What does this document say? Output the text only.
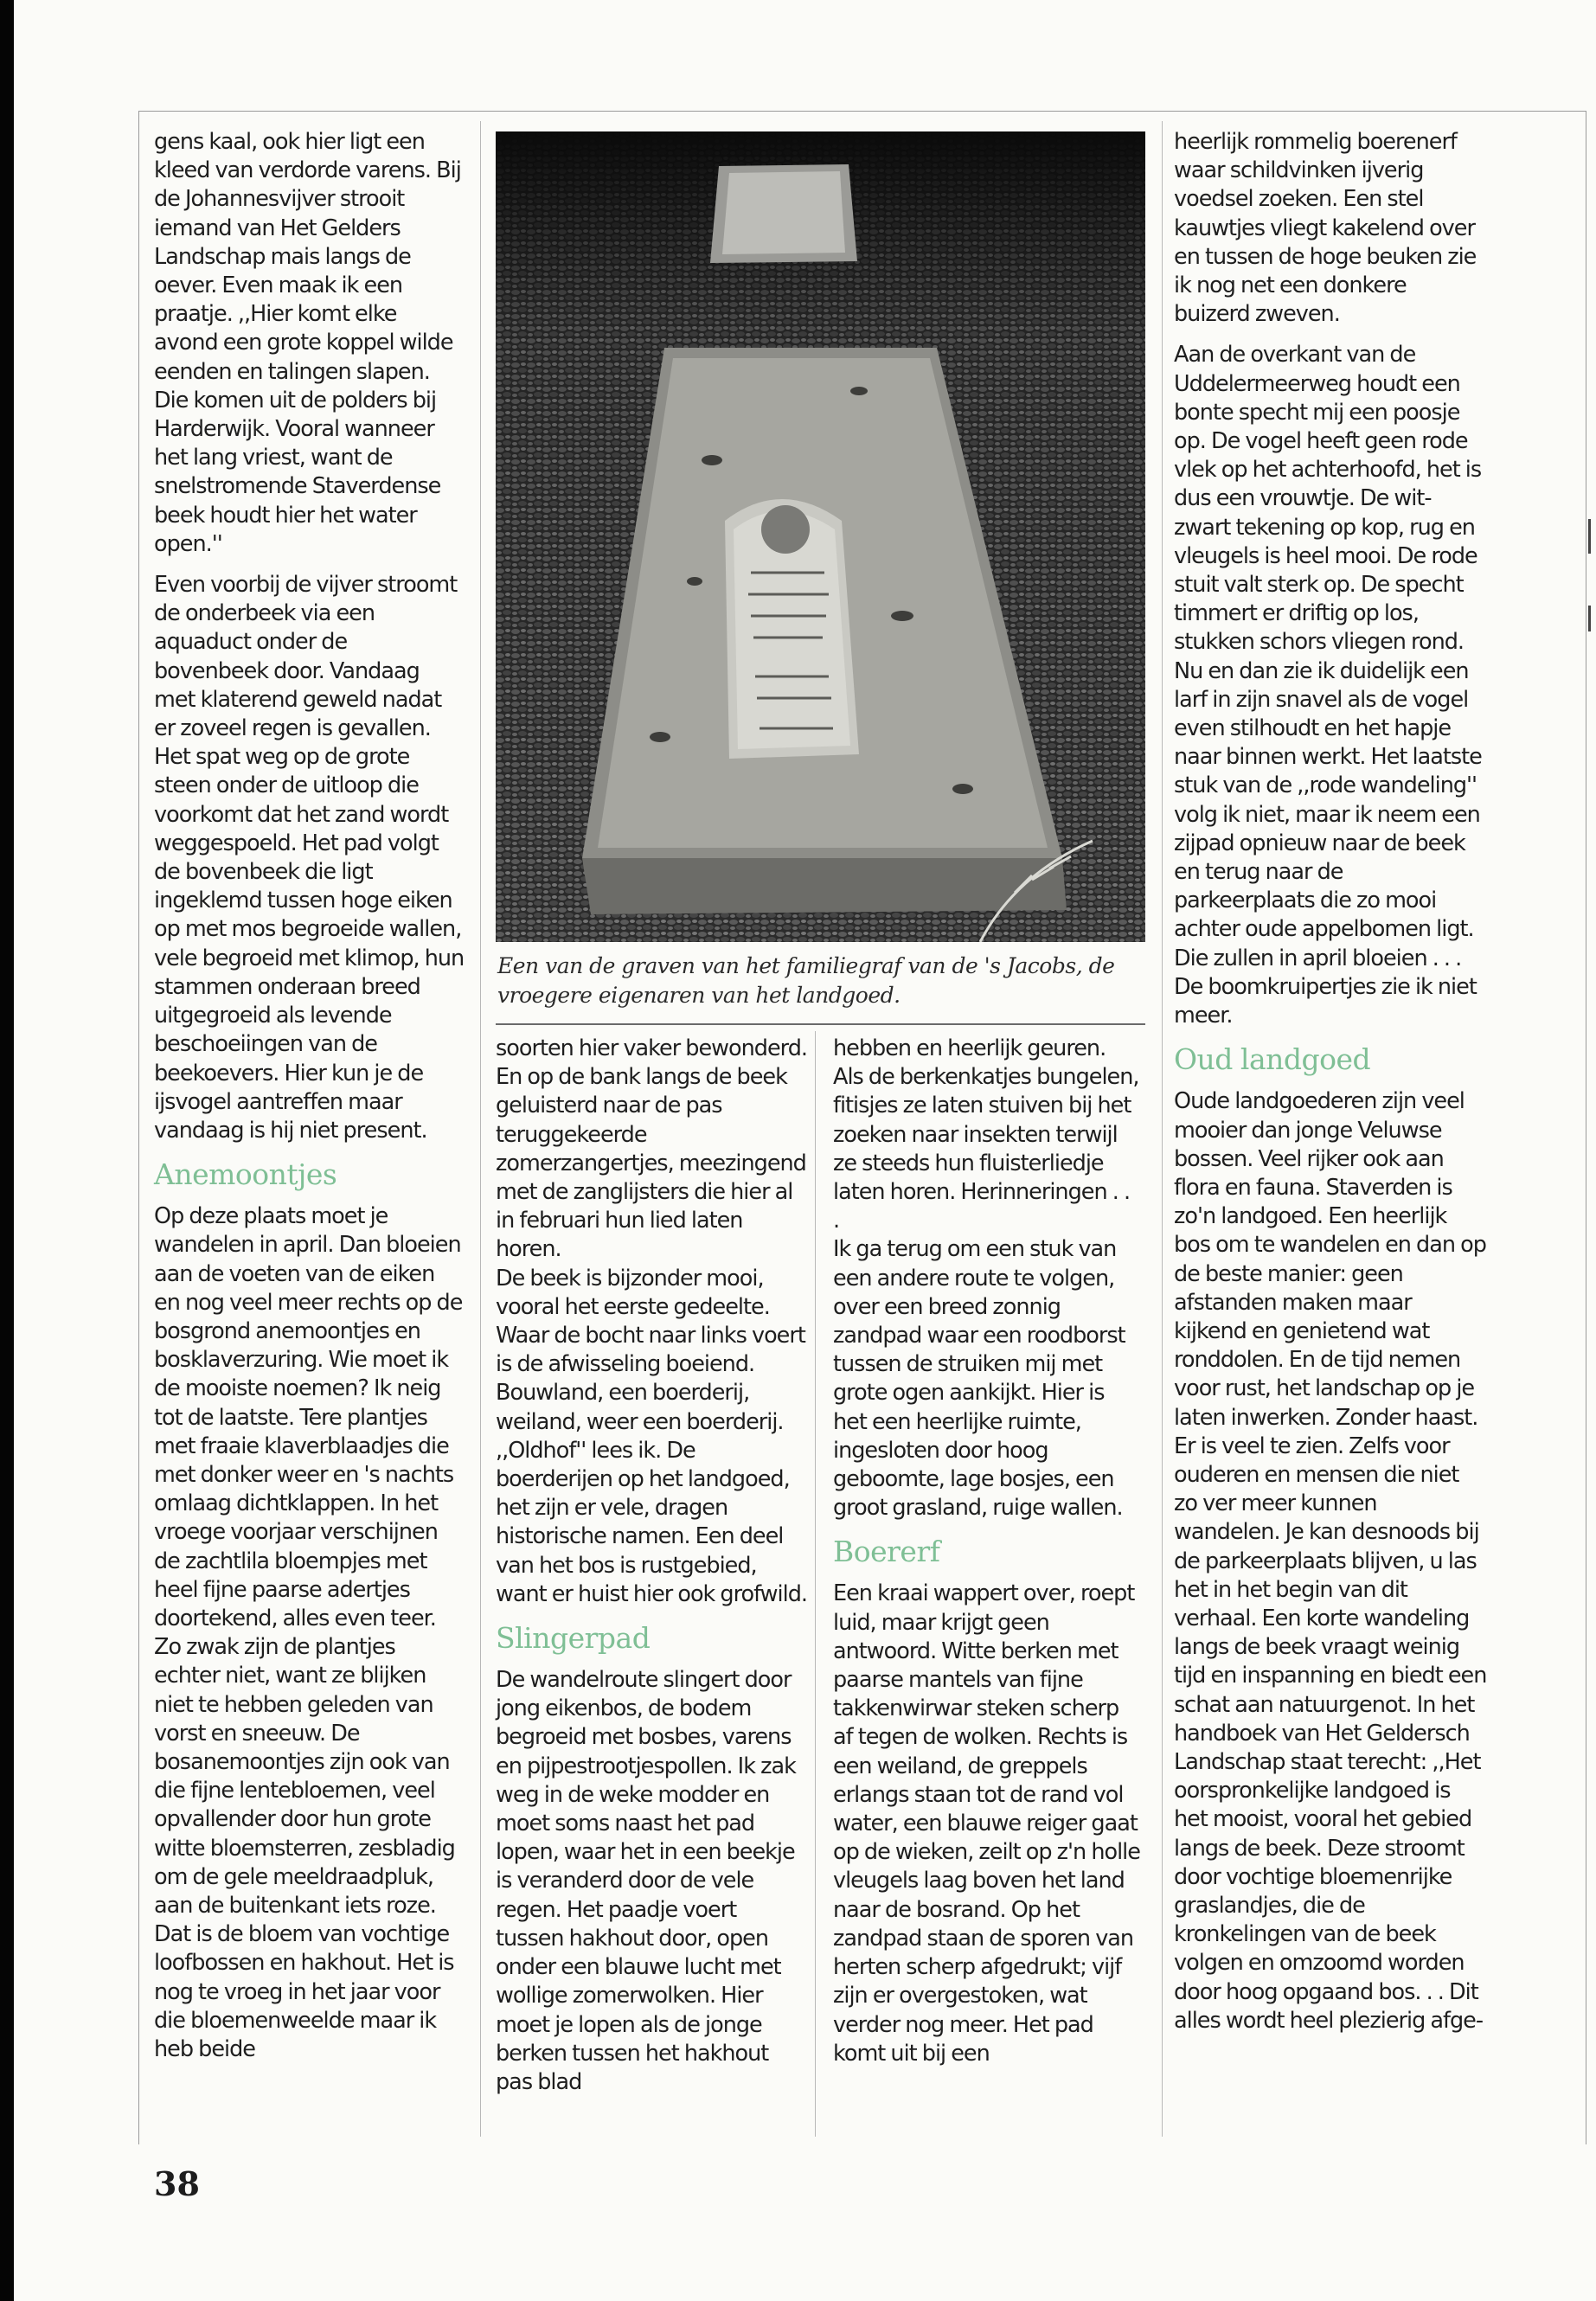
gens kaal, ook hier ligt een kleed van verdorde varens. Bij de Johannesvijver strooit iemand van Het Gelders Landschap mais langs de oever. Even maak ik een praatje. ,,Hier komt elke avond een grote koppel wilde eenden en talingen slapen. Die komen uit de polders bij Harderwijk. Vooral wanneer het lang vriest, want de snelstromende Staverdense beek houdt hier het water open.''

Even voorbij de vijver stroomt de onderbeek via een aquaduct onder de bovenbeek door. Vandaag met klaterend geweld nadat er zoveel regen is gevallen. Het spat weg op de grote steen onder de uitloop die voorkomt dat het zand wordt weggespoeld. Het pad volgt de bovenbeek die ligt ingeklemd tussen hoge eiken op met mos begroeide wallen, vele begroeid met klimop, hun stammen onderaan breed uitgegroeid als levende beschoeiingen van de beekoevers. Hier kun je de ijsvogel aantreffen maar vandaag is hij niet present.

Anemoontjes

Op deze plaats moet je wandelen in april. Dan bloeien aan de voeten van de eiken en nog veel meer rechts op de bosgrond anemoontjes en bosklaverzuring. Wie moet ik de mooiste noemen? Ik neig tot de laatste. Tere plantjes met fraaie klaverblaadjes die met donker weer en 's nachts omlaag dichtklappen. In het vroege voorjaar verschijnen de zachtlila bloempjes met heel fijne paarse adertjes doortekend, alles even teer. Zo zwak zijn de plantjes echter niet, want ze blijken niet te hebben geleden van vorst en sneeuw. De bosanemoontjes zijn ook van die fijne lentebloemen, veel opvallender door hun grote witte bloemsterren, zesbladig om de gele meeldraadpluk, aan de buitenkant iets roze. Dat is de bloem van vochtige loofbossen en hakhout. Het is nog te vroeg in het jaar voor die bloemenweelde maar ik heb beide

Een van de graven van het familiegraf van de 's Jacobs, de vroegere eigenaren van het landgoed.

soorten hier vaker bewonderd. En op de bank langs de beek geluisterd naar de pas teruggekeerde zomerzangertjes, meezingend met de zanglijsters die hier al in februari hun lied laten horen.

De beek is bijzonder mooi, vooral het eerste gedeelte. Waar de bocht naar links voert is de afwisseling boeiend. Bouwland, een boerderij, weiland, weer een boerderij. ,,Oldhof'' lees ik. De boerderijen op het landgoed, het zijn er vele, dragen historische namen. Een deel van het bos is rustgebied, want er huist hier ook grofwild.

Slingerpad

De wandelroute slingert door jong eikenbos, de bodem begroeid met bosbes, varens en pijpestrootjespollen. Ik zak weg in de weke modder en moet soms naast het pad lopen, waar het in een beekje is veranderd door de vele regen. Het paadje voert tussen hakhout door, open onder een blauwe lucht met wollige zomerwolken. Hier moet je lopen als de jonge berken tussen het hakhout pas blad

hebben en heerlijk geuren. Als de berkenkatjes bungelen, fitisjes ze laten stuiven bij het zoeken naar insekten terwijl ze steeds hun fluisterliedje laten horen. Herinneringen . . .

Ik ga terug om een stuk van een andere route te volgen, over een breed zonnig zandpad waar een roodborst tussen de struiken mij met grote ogen aankijkt. Hier is het een heerlijke ruimte, ingesloten door hoog geboomte, lage bosjes, een groot grasland, ruige wallen.

Boererf

Een kraai wappert over, roept luid, maar krijgt geen antwoord. Witte berken met paarse mantels van fijne takkenwirwar steken scherp af tegen de wolken. Rechts is een weiland, de greppels erlangs staan tot de rand vol water, een blauwe reiger gaat op de wieken, zeilt op z'n holle vleugels laag boven het land naar de bosrand. Op het zandpad staan de sporen van herten scherp afgedrukt; vijf zijn er overgestoken, wat verder nog meer. Het pad komt uit bij een

heerlijk rommelig boerenerf waar schildvinken ijverig voedsel zoeken. Een stel kauwtjes vliegt kakelend over en tussen de hoge beuken zie ik nog net een donkere buizerd zweven.

Aan de overkant van de Uddelermeerweg houdt een bonte specht mij een poosje op. De vogel heeft geen rode vlek op het achterhoofd, het is dus een vrouwtje. De wit-zwart tekening op kop, rug en vleugels is heel mooi. De rode stuit valt sterk op. De specht timmert er driftig op los, stukken schors vliegen rond. Nu en dan zie ik duidelijk een larf in zijn snavel als de vogel even stilhoudt en het hapje naar binnen werkt. Het laatste stuk van de ,,rode wandeling'' volg ik niet, maar ik neem een zijpad opnieuw naar de beek en terug naar de parkeerplaats die zo mooi achter oude appelbomen ligt. Die zullen in april bloeien . . . De boomkruipertjes zie ik niet meer.

Oud landgoed

Oude landgoederen zijn veel mooier dan jonge Veluwse bossen. Veel rijker ook aan flora en fauna. Staverden is zo'n landgoed. Een heerlijk bos om te wandelen en dan op de beste manier: geen afstanden maken maar kijkend en genietend wat ronddolen. En de tijd nemen voor rust, het landschap op je laten inwerken. Zonder haast. Er is veel te zien. Zelfs voor ouderen en mensen die niet zo ver meer kunnen wandelen. Je kan desnoods bij de parkeerplaats blijven, u las het in het begin van dit verhaal. Een korte wandeling langs de beek vraagt weinig tijd en inspanning en biedt een schat aan natuurgenot. In het handboek van Het Geldersch Landschap staat terecht: ,,Het oorspronkelijke landgoed is het mooist, vooral het gebied langs de beek. Deze stroomt door vochtige bloemenrijke graslandjes, die de kronkelingen van de beek volgen en omzoomd worden door hoog opgaand bos. . . Dit alles wordt heel plezierig afge-

38
